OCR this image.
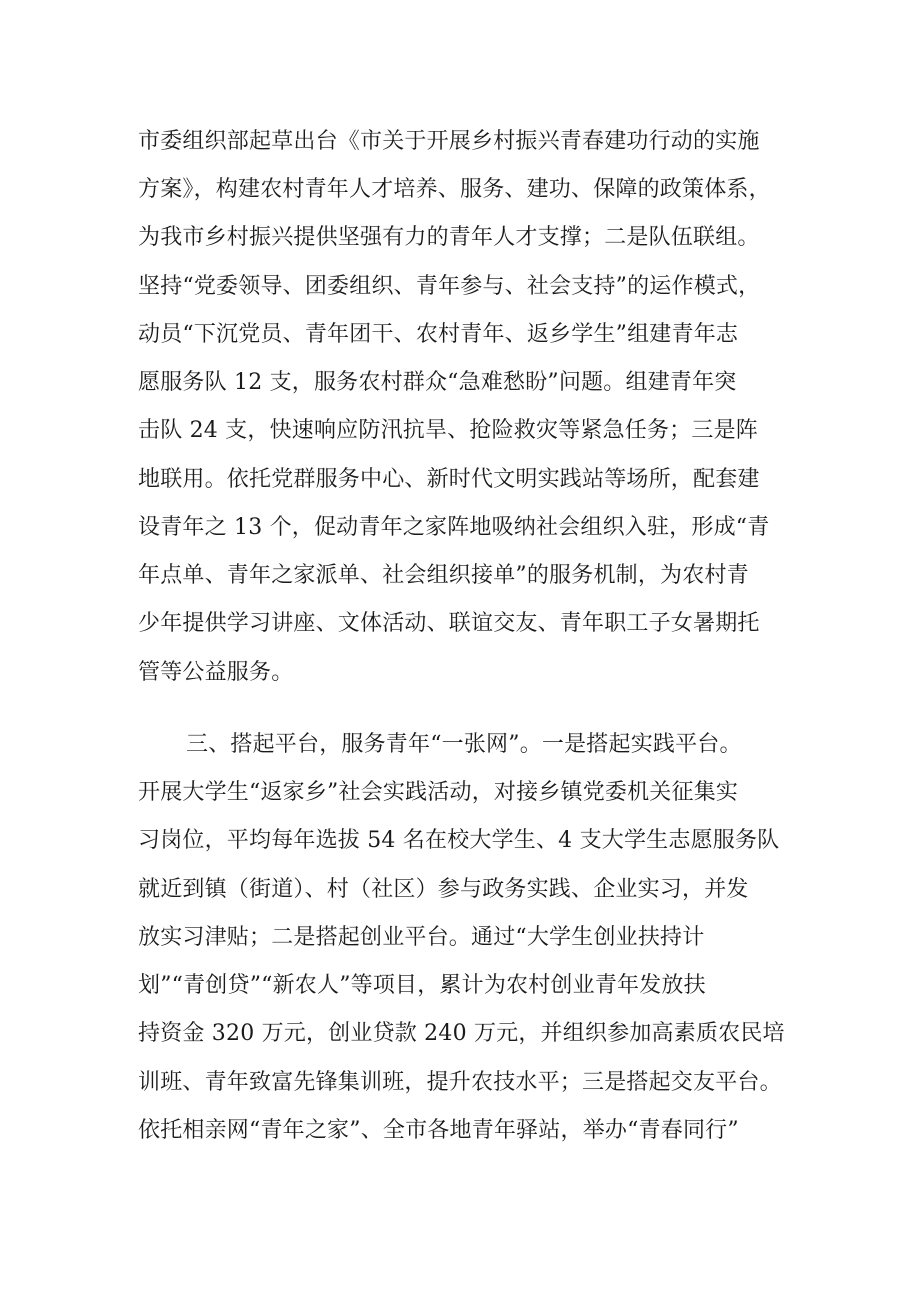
市委组织部起草出台《市关于开展乡村振兴青春建功行动的实施
方案》，构建农村青年人才培养、服务、建功、保障的政策体系，
为我市乡村振兴提供坚强有力的青年人才支撑；二是队伍联组。
坚持“党委领导、团委组织、青年参与、社会支持”的运作模式，
动员“下沉党员、青年团干、农村青年、返乡学生”组建青年志
愿服务队 12 支，服务农村群众“急难愁盼”问题。组建青年突
击队 24 支，快速响应防汛抗旱、抢险救灾等紧急任务；三是阵
地联用。依托党群服务中心、新时代文明实践站等场所，配套建
设青年之 13 个，促动青年之家阵地吸纳社会组织入驻，形成“青
年点单、青年之家派单、社会组织接单”的服务机制，为农村青
少年提供学习讲座、文体活动、联谊交友、青年职工子女暑期托
管等公益服务。
三、搭起平台，服务青年“一张网”。一是搭起实践平台。
开展大学生“返家乡”社会实践活动，对接乡镇党委机关征集实
习岗位，平均每年选拔 54 名在校大学生、4 支大学生志愿服务队
就近到镇（街道）、村（社区）参与政务实践、企业实习，并发
放实习津贴；二是搭起创业平台。通过“大学生创业扶持计
划”“青创贷”“新农人”等项目，累计为农村创业青年发放扶
持资金 320 万元，创业贷款 240 万元，并组织参加高素质农民培
训班、青年致富先锋集训班，提升农技水平；三是搭起交友平台。
依托相亲网“青年之家”、全市各地青年驿站，举办“青春同行”
